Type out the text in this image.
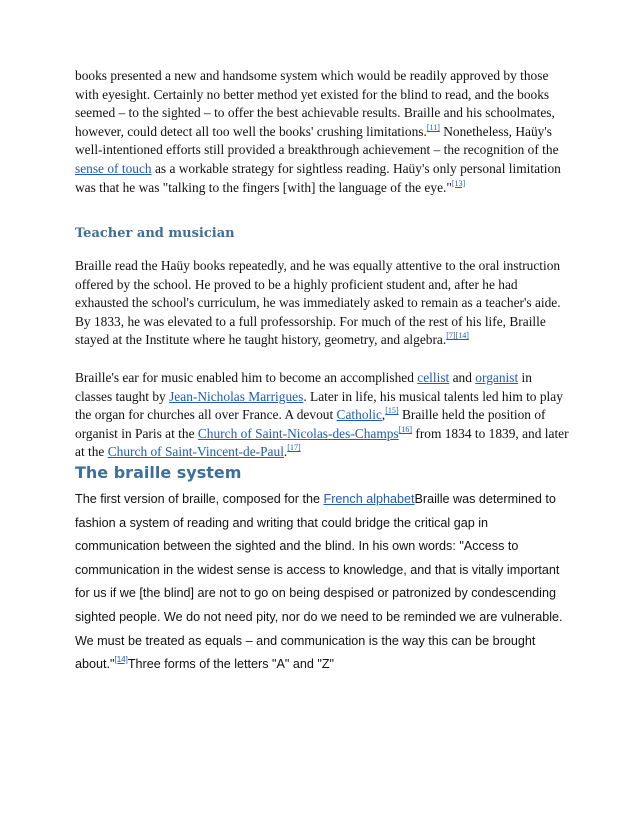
books presented a new and handsome system which would be readily approved by those with eyesight. Certainly no better method yet existed for the blind to read, and the books seemed – to the sighted – to offer the best achievable results. Braille and his schoolmates, however, could detect all too well the books' crushing limitations.[11] Nonetheless, Haüy's well-intentioned efforts still provided a breakthrough achievement – the recognition of the sense of touch as a workable strategy for sightless reading. Haüy's only personal limitation was that he was "talking to the fingers [with] the language of the eye."[13]

Teacher and musician

Braille read the Haüy books repeatedly, and he was equally attentive to the oral instruction offered by the school. He proved to be a highly proficient student and, after he had exhausted the school's curriculum, he was immediately asked to remain as a teacher's aide. By 1833, he was elevated to a full professorship. For much of the rest of his life, Braille stayed at the Institute where he taught history, geometry, and algebra.[7][14]

Braille's ear for music enabled him to become an accomplished cellist and organist in classes taught by Jean-Nicholas Marrigues. Later in life, his musical talents led him to play the organ for churches all over France. A devout Catholic,[15] Braille held the position of organist in Paris at the Church of Saint-Nicolas-des-Champs[16] from 1834 to 1839, and later at the Church of Saint-Vincent-de-Paul.[17]

The braille system

The first version of braille, composed for the French alphabetBraille was determined to fashion a system of reading and writing that could bridge the critical gap in communication between the sighted and the blind. In his own words: "Access to communication in the widest sense is access to knowledge, and that is vitally important for us if we [the blind] are not to go on being despised or patronized by condescending sighted people. We do not need pity, nor do we need to be reminded we are vulnerable. We must be treated as equals – and communication is the way this can be brought about."[14]Three forms of the letters "A" and "Z"
